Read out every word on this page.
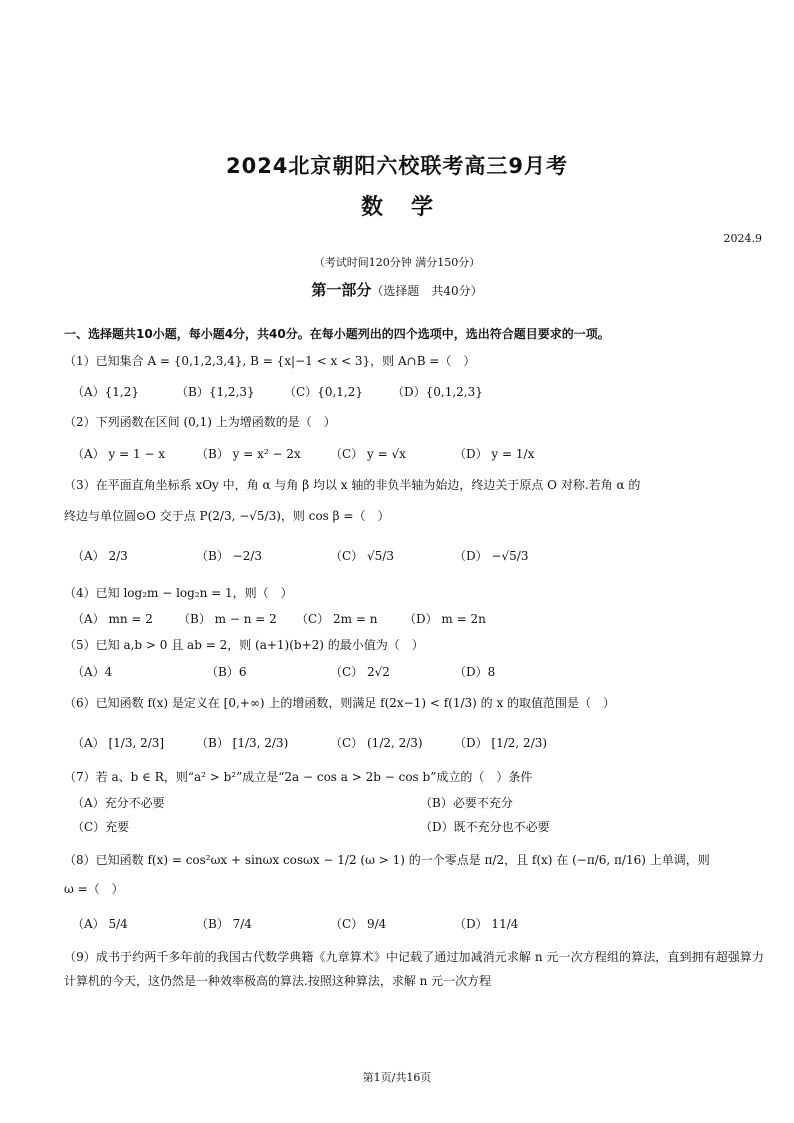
2024北京朝阳六校联考高三9月考
数学
2024.9
（考试时间120分钟 满分150分）
第一部分（选择题　共40分）
一、选择题共10小题，每小题4分，共40分。在每小题列出的四个选项中，选出符合题目要求的一项。
（1）已知集合 A = {0,1,2,3,4}, B = {x|−1 < x < 3}，则 A∩B =（　）
（A）{1,2}	（B）{1,2,3} （C）{0,1,2} （D）{0,1,2,3}
（2）下列函数在区间 (0,1) 上为增函数的是（　）
（A） y = 1 − x	（B） y = x² − 2x （C） y = √x	（D） y = 1/x
（3）在平面直角坐标系 xOy 中，角 α 与角 β 均以 x 轴的非负半轴为始边，终边关于原点 O 对称.若角 α 的
终边与单位圆⊙O 交于点 P(2/3, −√5/3)，则 cos β =（　）
（A） 2/3	（B） −2/3	（C） √5/3	（D） −√5/3
（4）已知 log₂m − log₂n = 1，则（　）
（A） mn = 2 （B） m − n = 2 （C） 2m = n （D） m = 2n
（5）已知 a,b > 0 且 ab = 2，则 (a+1)(b+2) 的最小值为（　）
（A）4	（B）6	（C） 2√2	（D）8
（6）已知函数 f(x) 是定义在 [0,+∞) 上的增函数，则满足 f(2x−1) < f(1/3) 的 x 的取值范围是（　）
（A） [1/3, 2/3]	（B） [1/3, 2/3)	（C） (1/2, 2/3)	（D） [1/2, 2/3)
（7）若 a、b ∈ R，则“a² > b²”成立是“2a − cos a > 2b − cos b”成立的（　）条件
（A）充分不必要	（B）必要不充分
（C）充要	（D）既不充分也不必要
（8）已知函数 f(x) = cos²ωx + sinωx cosωx − 1/2 (ω > 1) 的一个零点是 π/2，且 f(x) 在 (−π/6, π/16) 上单调，则
ω =（　）
（A） 5/4	（B） 7/4	（C） 9/4	（D） 11/4
（9）成书于约两千多年前的我国古代数学典籍《九章算术》中记载了通过加减消元求解 n 元一次方程组的算法，直到拥有超强算力计算机的今天，这仍然是一种效率极高的算法.按照这种算法，求解 n 元一次方程
第1页/共16页
